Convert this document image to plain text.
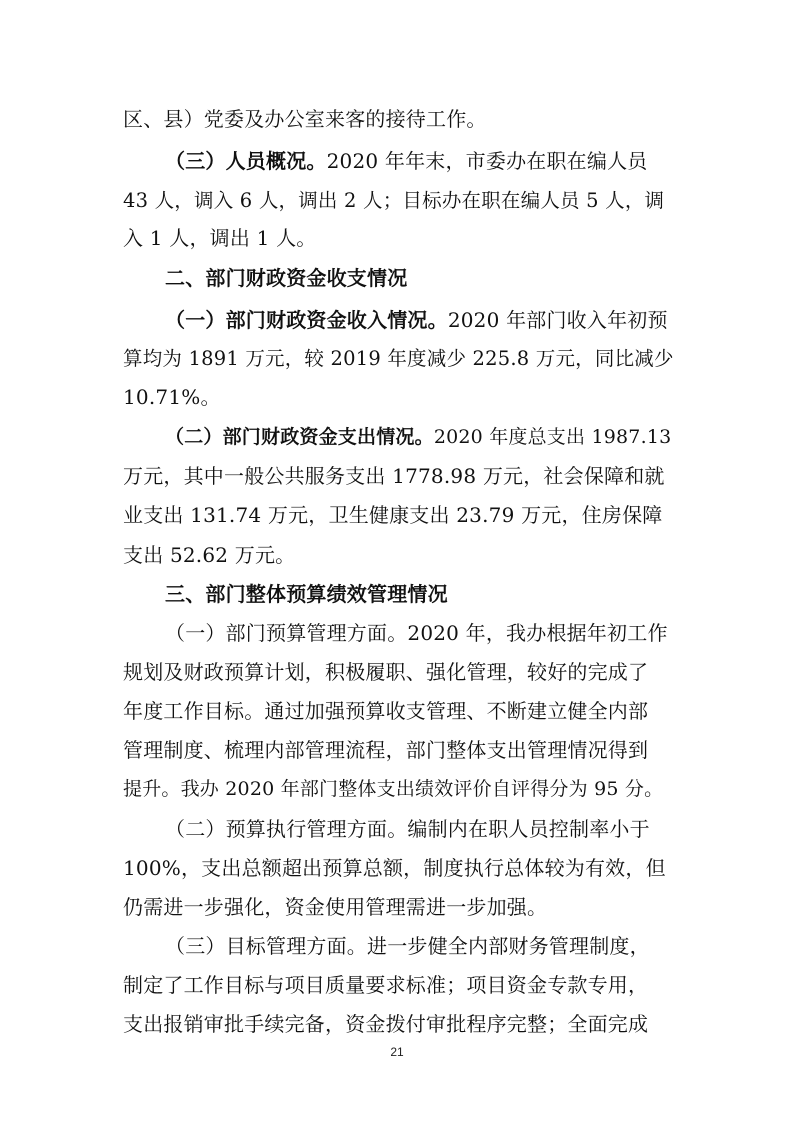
区、县）党委及办公室来客的接待工作。
（三）人员概况。2020 年年末，市委办在职在编人员
43 人，调入 6 人，调出 2 人；目标办在职在编人员 5 人，调
入 1 人，调出 1 人。
二、部门财政资金收支情况
（一）部门财政资金收入情况。2020 年部门收入年初预
算均为 1891 万元，较 2019 年度减少 225.8 万元，同比减少
10.71%。
（二）部门财政资金支出情况。2020 年度总支出 1987.13
万元，其中一般公共服务支出 1778.98 万元，社会保障和就
业支出 131.74 万元，卫生健康支出 23.79 万元，住房保障
支出 52.62 万元。
三、部门整体预算绩效管理情况
（一）部门预算管理方面。2020 年，我办根据年初工作
规划及财政预算计划，积极履职、强化管理，较好的完成了
年度工作目标。通过加强预算收支管理、不断建立健全内部
管理制度、梳理内部管理流程，部门整体支出管理情况得到
提升。我办 2020 年部门整体支出绩效评价自评得分为 95 分。
（二）预算执行管理方面。编制内在职人员控制率小于
100%，支出总额超出预算总额，制度执行总体较为有效，但
仍需进一步强化，资金使用管理需进一步加强。
（三）目标管理方面。进一步健全内部财务管理制度，
制定了工作目标与项目质量要求标准；项目资金专款专用，
支出报销审批手续完备，资金拨付审批程序完整；全面完成
21
